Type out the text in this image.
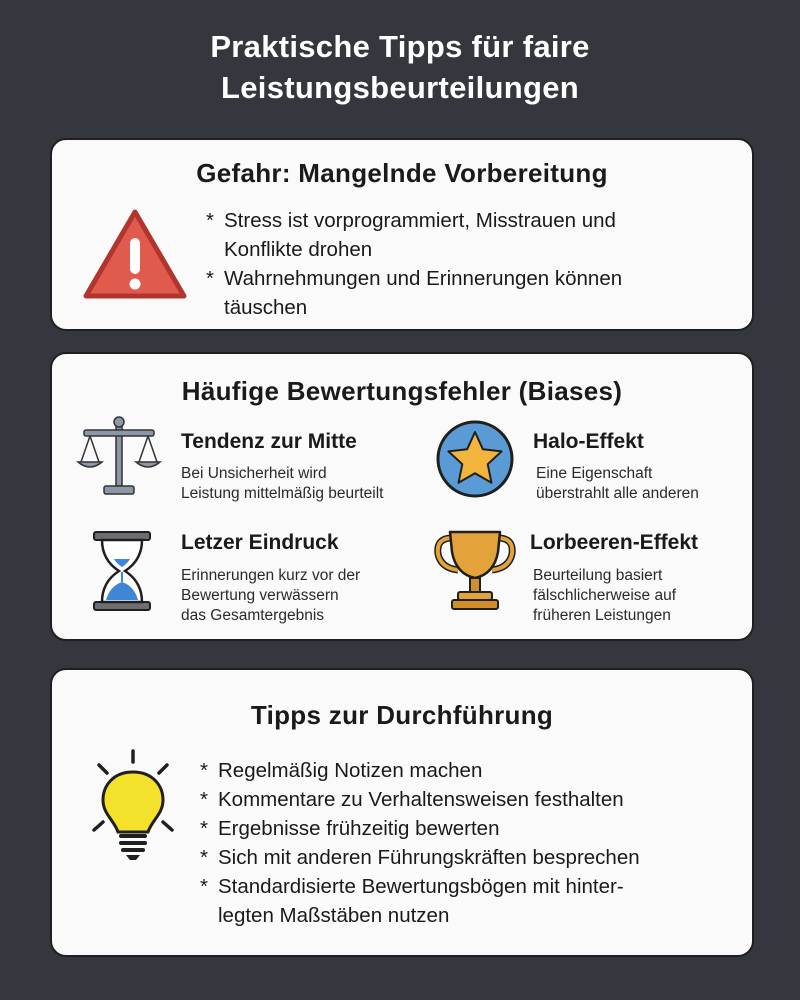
Praktische Tipps für faire
Leistungsbeurteilungen
Gefahr: Mangelnde Vorbereitung
* Stress ist vorprogrammiert, Misstrauen und
Konflikte drohen
* Wahrnehmungen und Erinnerungen können
täuschen
Häufige Bewertungsfehler (Biases)
Tendenz zur Mitte
Bei Unsicherheit wird
Leistung mittelmäßig beurteilt
Halo-Effekt
Eine Eigenschaft
überstrahlt alle anderen
Letzer Eindruck
Erinnerungen kurz vor der
Bewertung verwässern
das Gesamtergebnis
Lorbeeren-Effekt
Beurteilung basiert
fälschlicherweise auf
früheren Leistungen
Tipps zur Durchführung
* Regelmäßig Notizen machen
* Kommentare zu Verhaltensweisen festhalten
* Ergebnisse frühzeitig bewerten
* Sich mit anderen Führungskräften besprechen
* Standardisierte Bewertungsbögen mit hinter-
legten Maßstäben nutzen
